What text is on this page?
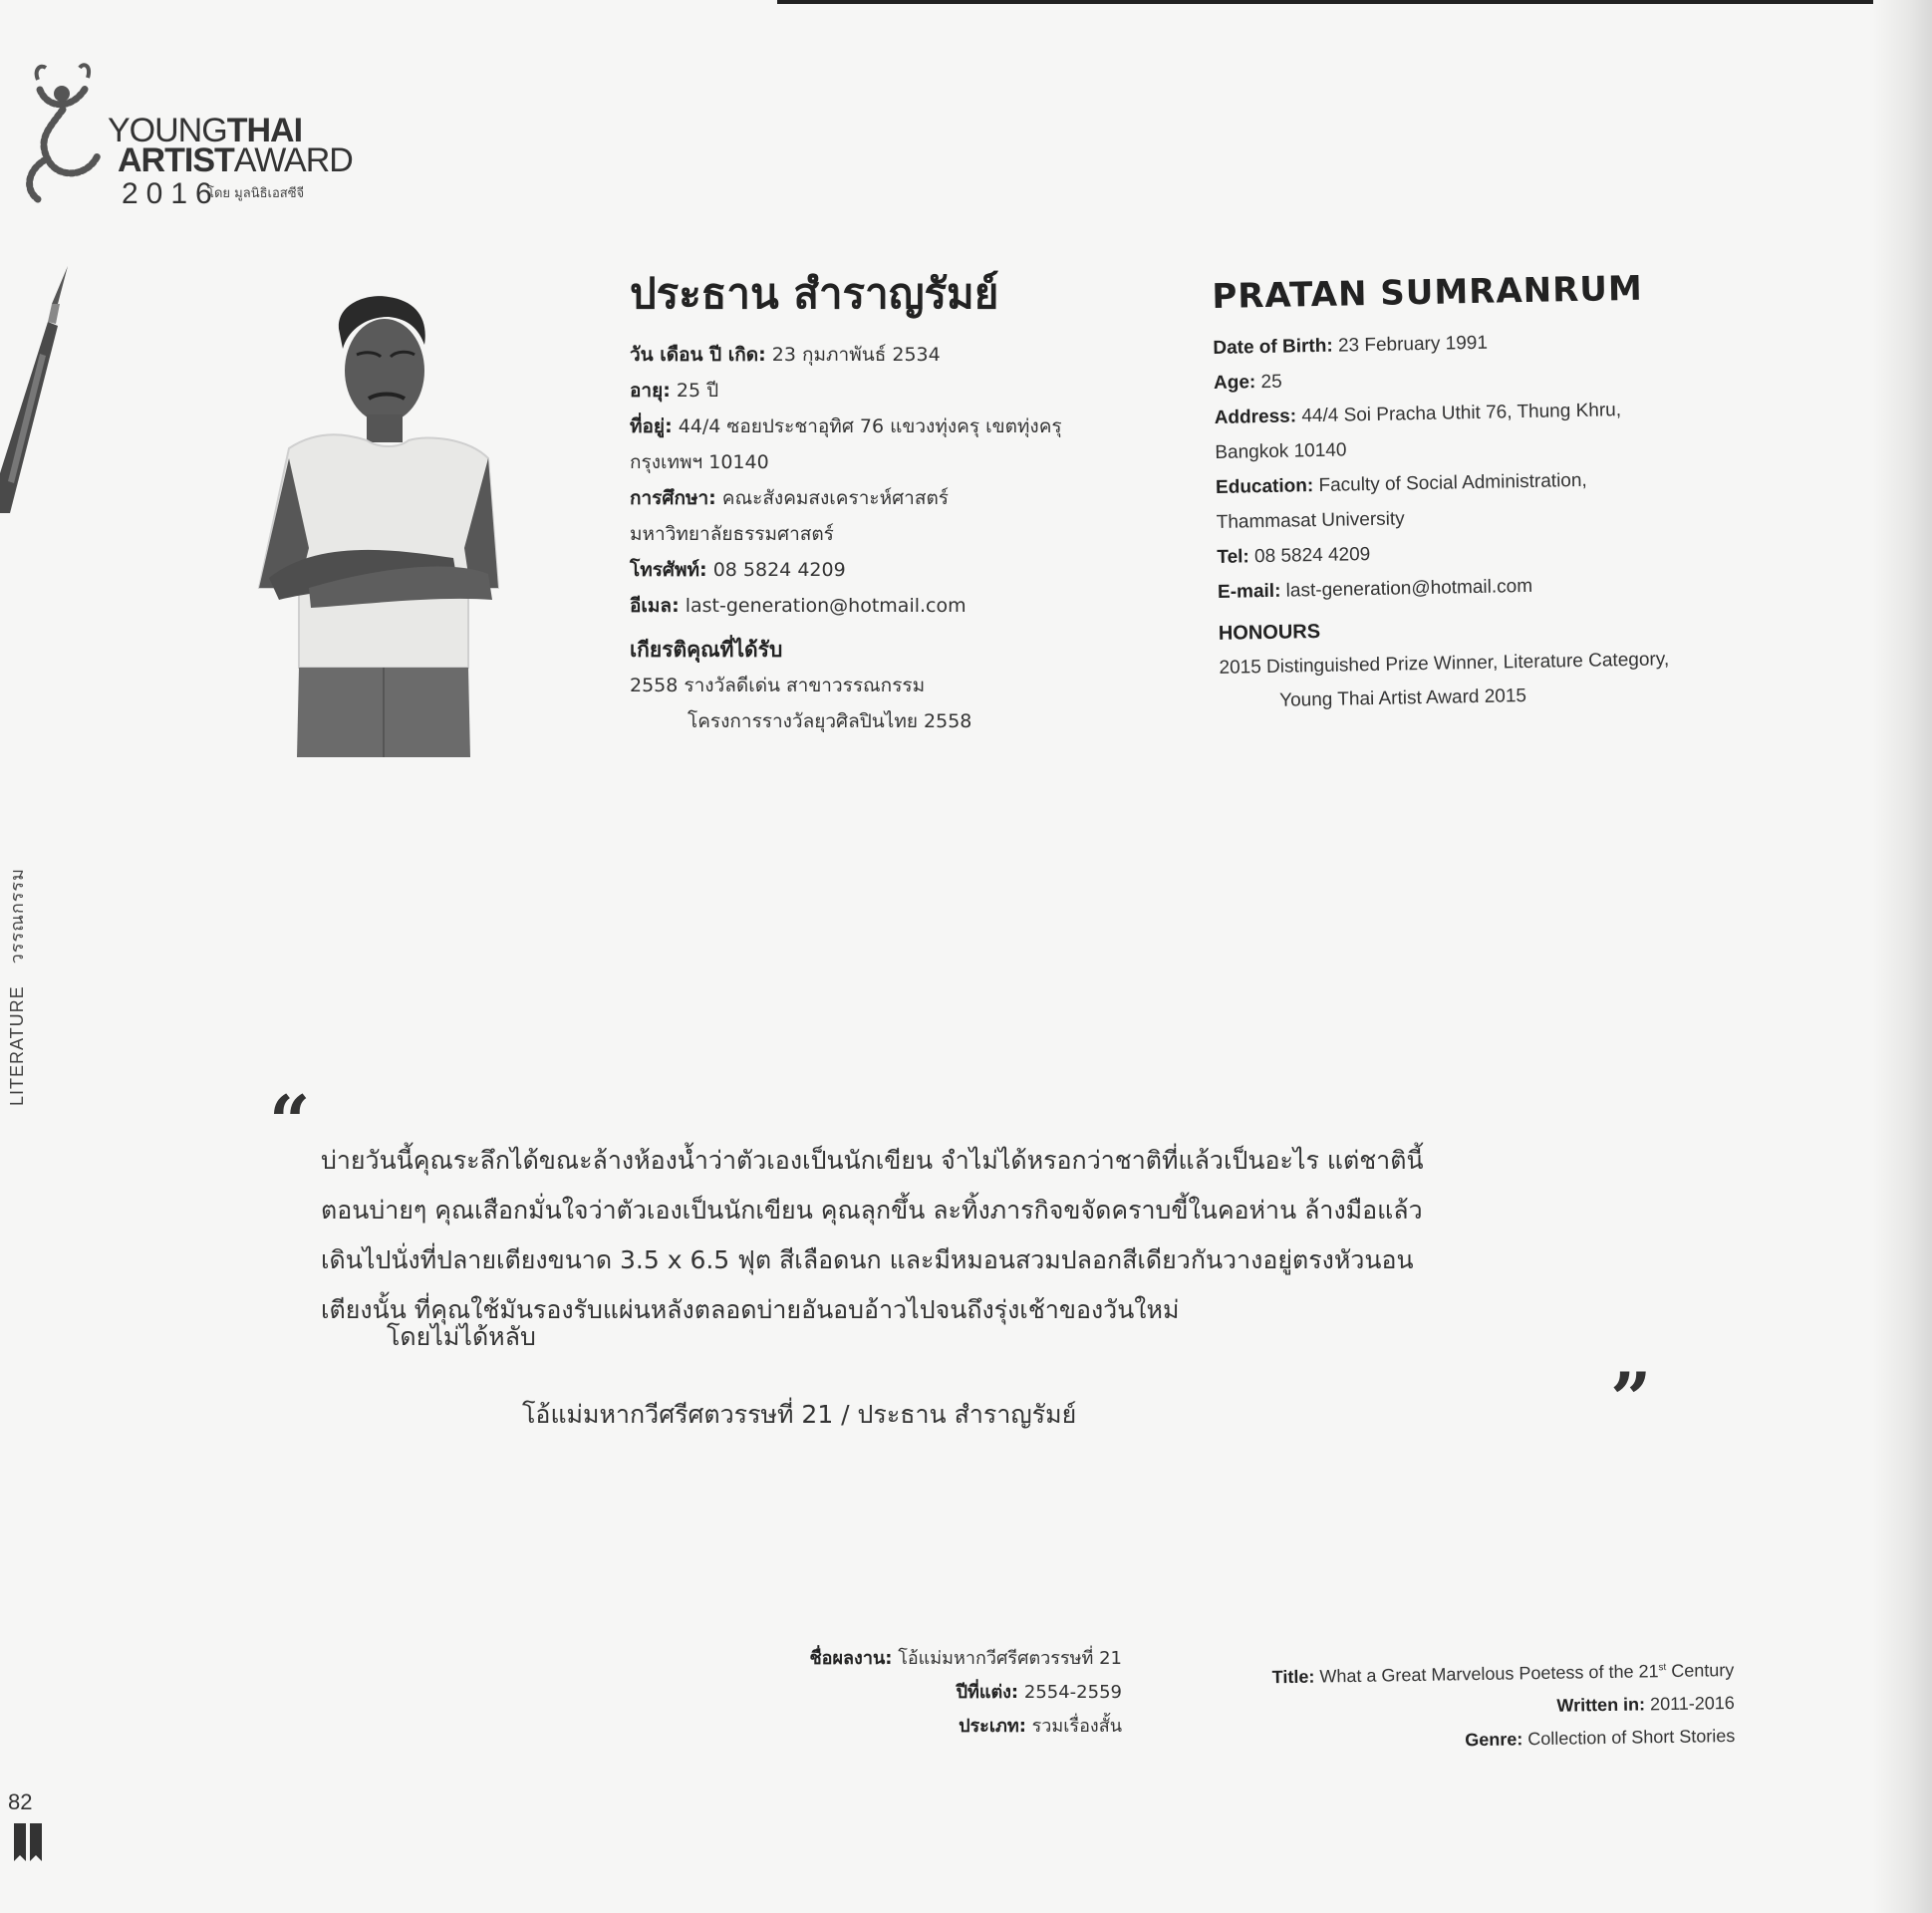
YOUNGTHAI
ARTISTAWARD
2016
โดย มูลนิธิเอสซีจี
ประธาน สำราญรัมย์
วัน เดือน ปี เกิด: 23 กุมภาพันธ์ 2534
อายุ: 25 ปี
ที่อยู่: 44/4 ซอยประชาอุทิศ 76 แขวงทุ่งครุ เขตทุ่งครุ
กรุงเทพฯ 10140
การศึกษา: คณะสังคมสงเคราะห์ศาสตร์
มหาวิทยาลัยธรรมศาสตร์
โทรศัพท์: 08 5824 4209
อีเมล: last-generation@hotmail.com
เกียรติคุณที่ได้รับ
2558 รางวัลดีเด่น สาขาวรรณกรรม
โครงการรางวัลยุวศิลปินไทย 2558
PRATAN SUMRANRUM
Date of Birth: 23 February 1991
Age: 25
Address: 44/4 Soi Pracha Uthit 76, Thung Khru,
Bangkok 10140
Education: Faculty of Social Administration,
Thammasat University
Tel: 08 5824 4209
E-mail: last-generation@hotmail.com
HONOURS
2015 Distinguished Prize Winner, Literature Category,
Young Thai Artist Award 2015
LITERATUREวรรณกรรม
“ บ่ายวันนี้คุณระลึกได้ขณะล้างห้องน้ำว่าตัวเองเป็นนักเขียน จำไม่ได้หรอกว่าชาติที่แล้วเป็นอะไร แต่ชาตินี้
ตอนบ่ายๆ คุณเสือกมั่นใจว่าตัวเองเป็นนักเขียน คุณลุกขึ้น ละทิ้งภารกิจขจัดคราบขี้ในคอห่าน ล้างมือแล้ว
เดินไปนั่งที่ปลายเตียงขนาด 3.5 x 6.5 ฟุต สีเลือดนก และมีหมอนสวมปลอกสีเดียวกันวางอยู่ตรงหัวนอน
เตียงนั้น ที่คุณใช้มันรองรับแผ่นหลังตลอดบ่ายอันอบอ้าวไปจนถึงรุ่งเช้าของวันใหม่
โดยไม่ได้หลับ
โอ้แม่มหากวีศรีศตวรรษที่ 21 / ประธาน สำราญรัมย์	”
ชื่อผลงาน: โอ้แม่มหากวีศรีศตวรรษที่ 21
ปีที่แต่ง: 2554-2559
ประเภท: รวมเรื่องสั้น
Title: What a Great Marvelous Poetess of the 21st Century
Written in: 2011-2016
Genre: Collection of Short Stories
82
